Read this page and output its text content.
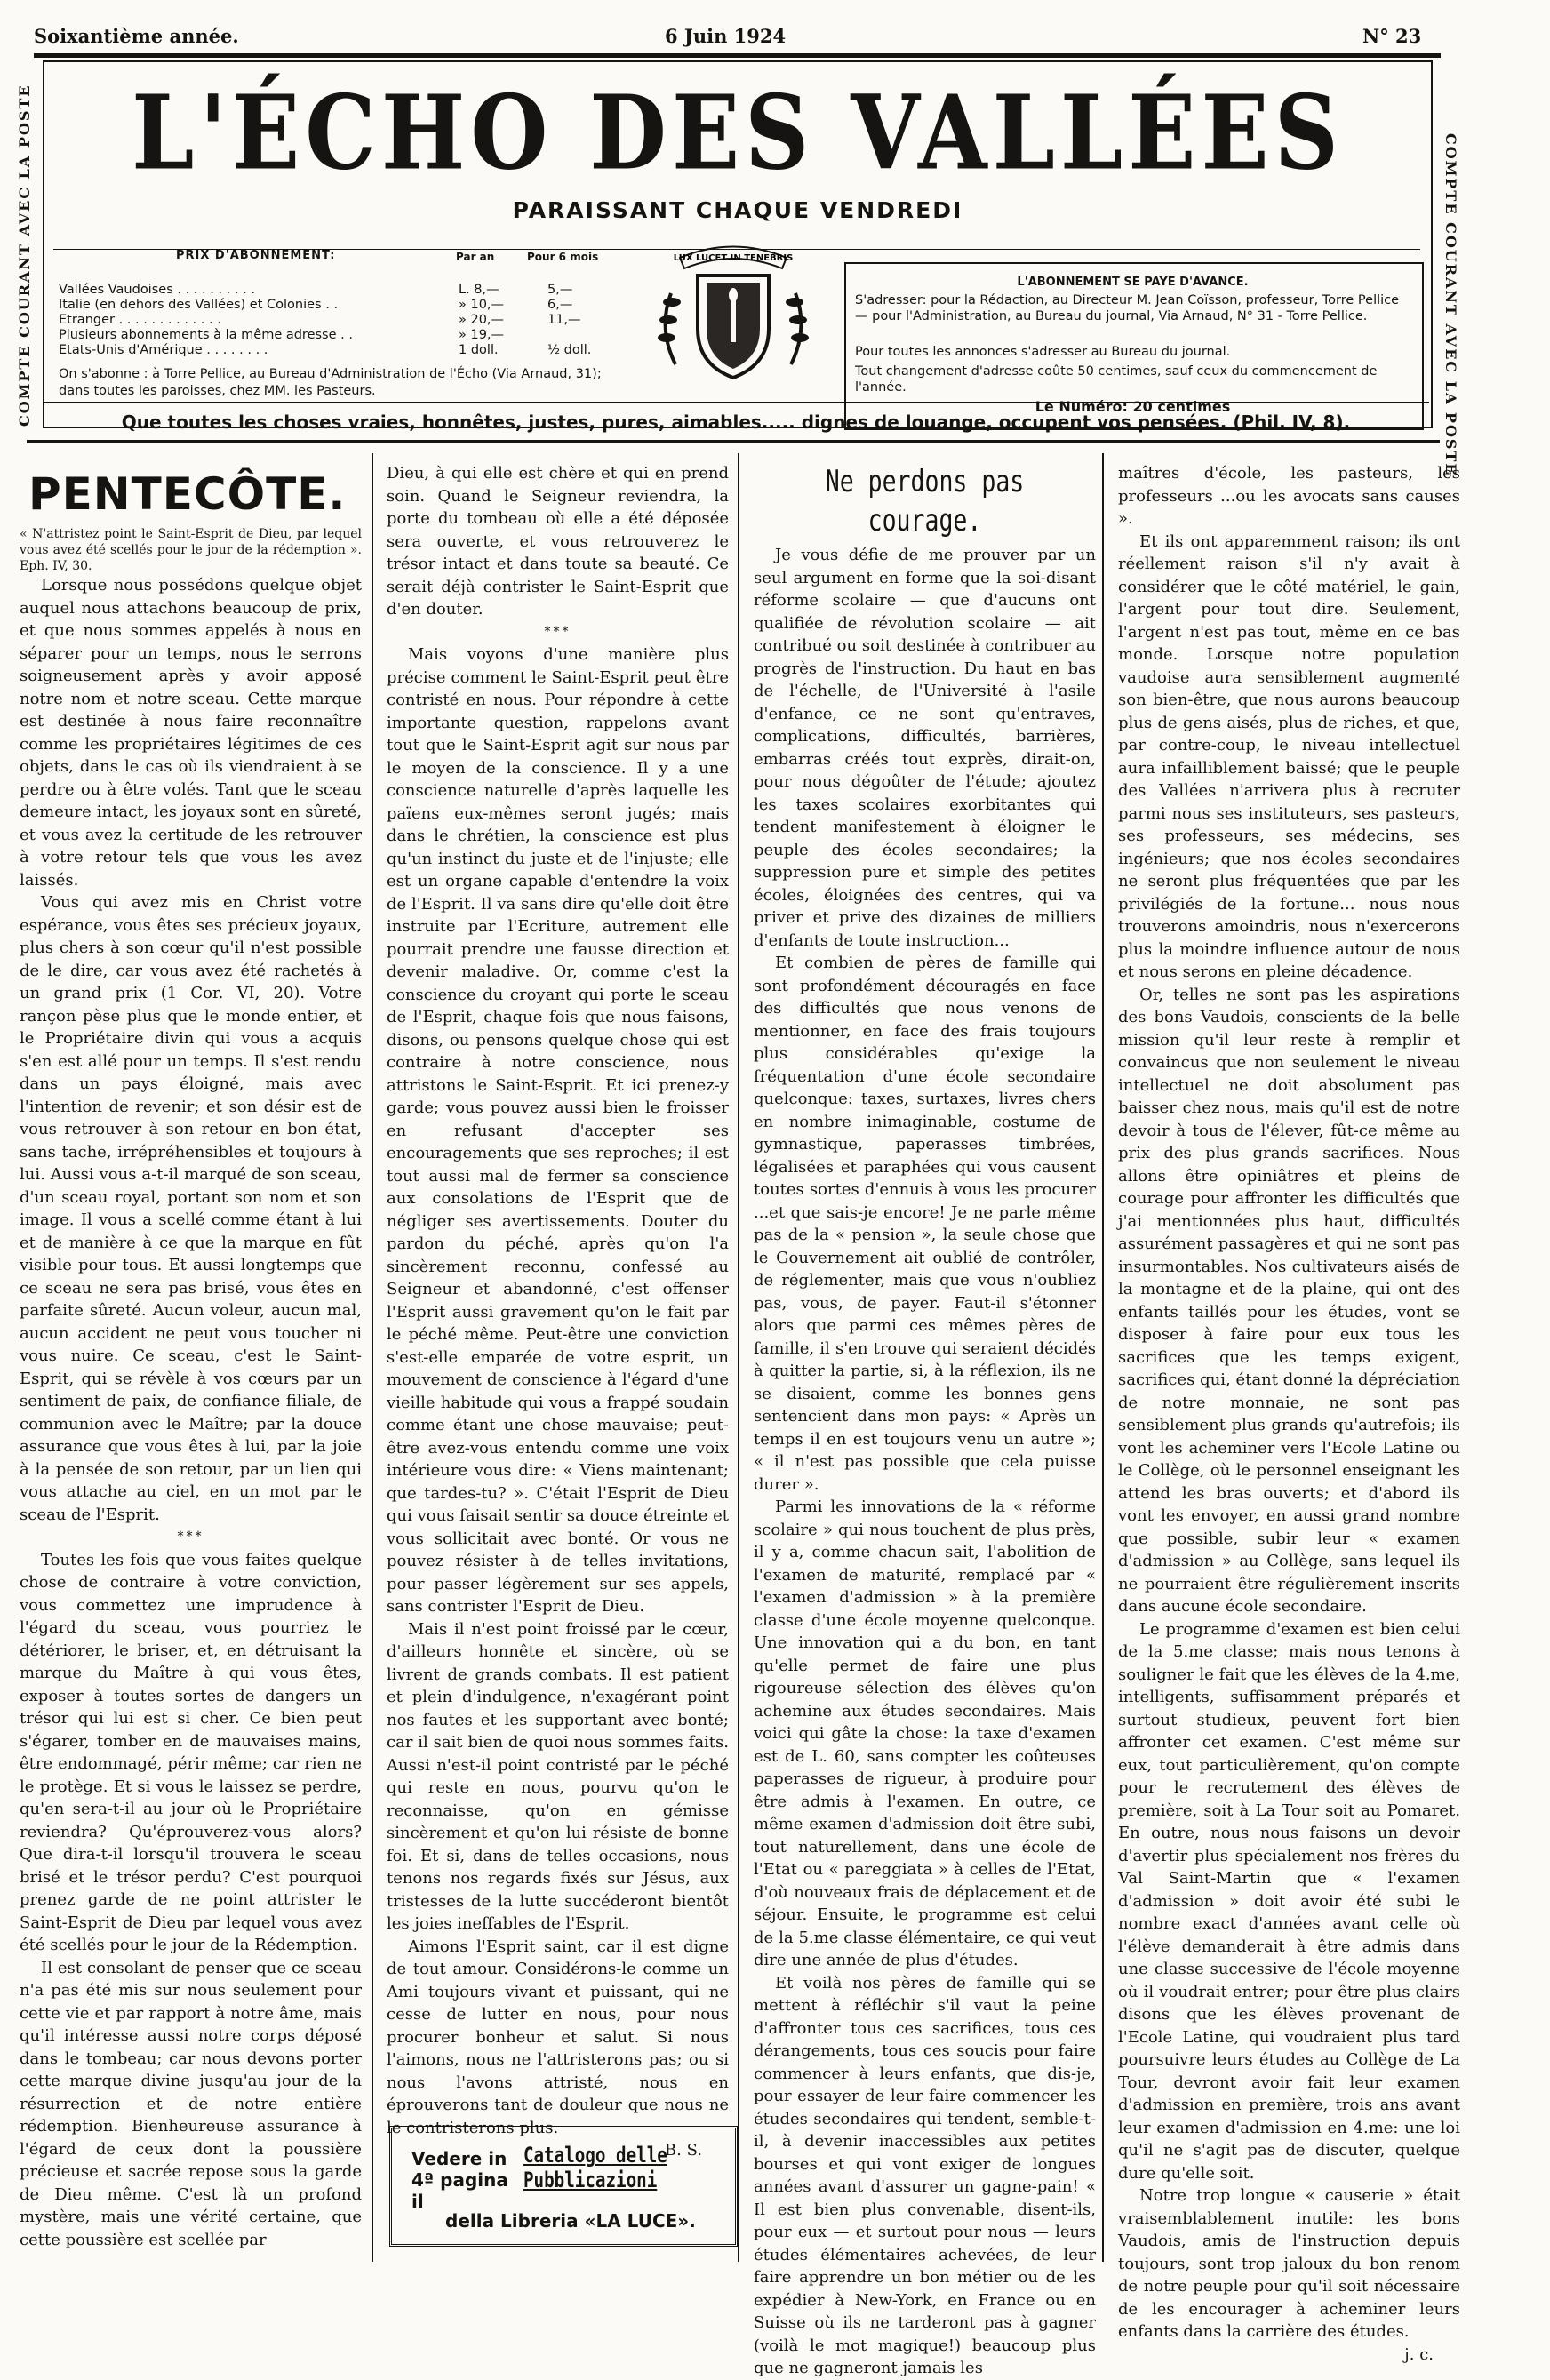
Soixantième année.	6 Juin 1924	N° 23
COMPTE COURANT AVEC LA POSTE	COMPTE COURANT AVEC LA POSTE
L'ÉCHO DES VALLÉES
PARAISSANT CHAQUE VENDREDI
PRIX D'ABONNEMENT:	Par an	Pour 6 mois
Vallées Vaudoises . . . . . . . . . .	L. 8,—	5,—
Italie (en dehors des Vallées) et Colonies . .	» 10,—	6,—
Etranger . . . . . . . . . . . . .	» 20,—	11,—
Plusieurs abonnements à la même adresse . .	» 19,—
Etats-Unis d'Amérique . . . . . . . .	1 doll.	½ doll.
On s'abonne : à Torre Pellice, au Bureau d'Administration de l'Écho (Via Arnaud, 31); dans toutes les paroisses, chez MM. les Pasteurs.
LUX LUCET IN TENEBRIS
L'ABONNEMENT SE PAYE D'AVANCE.
S'adresser: pour la Rédaction, au Directeur M. Jean Coïsson, professeur, Torre Pellice — pour l'Administration, au Bureau du journal, Via Arnaud, N° 31 - Torre Pellice.
Pour toutes les annonces s'adresser au Bureau du journal.
Tout changement d'adresse coûte 50 centimes, sauf ceux du commencement de l'année.
Le Numéro: 20 centimes
Que toutes les choses vraies, honnêtes, justes, pures, aimables..... dignes de louange, occupent vos pensées. (Phil. IV, 8).
PENTECÔTE.

« N'attristez point le Saint-Esprit de Dieu, par lequel vous avez été scellés pour le jour de la rédemption ». Eph. IV, 30.

Lorsque nous possédons quelque objet auquel nous attachons beaucoup de prix, et que nous sommes appelés à nous en séparer pour un temps, nous le serrons soigneusement après y avoir apposé notre nom et notre sceau. Cette marque est destinée à nous faire reconnaître comme les propriétaires légitimes de ces objets, dans le cas où ils viendraient à se perdre ou à être volés. Tant que le sceau demeure intact, les joyaux sont en sûreté, et vous avez la certitude de les retrouver à votre retour tels que vous les avez laissés.

Vous qui avez mis en Christ votre espérance, vous êtes ses précieux joyaux, plus chers à son cœur qu'il n'est possible de le dire, car vous avez été rachetés à un grand prix (1 Cor. VI, 20). Votre rançon pèse plus que le monde entier, et le Propriétaire divin qui vous a acquis s'en est allé pour un temps. Il s'est rendu dans un pays éloigné, mais avec l'intention de revenir; et son désir est de vous retrouver à son retour en bon état, sans tache, irrépréhensibles et toujours à lui. Aussi vous a-t-il marqué de son sceau, d'un sceau royal, portant son nom et son image. Il vous a scellé comme étant à lui et de manière à ce que la marque en fût visible pour tous. Et aussi longtemps que ce sceau ne sera pas brisé, vous êtes en parfaite sûreté. Aucun voleur, aucun mal, aucun accident ne peut vous toucher ni vous nuire. Ce sceau, c'est le Saint-Esprit, qui se révèle à vos cœurs par un sentiment de paix, de confiance filiale, de communion avec le Maître; par la douce assurance que vous êtes à lui, par la joie à la pensée de son retour, par un lien qui vous attache au ciel, en un mot par le sceau de l'Esprit.

***

Toutes les fois que vous faites quelque chose de contraire à votre conviction, vous commettez une imprudence à l'égard du sceau, vous pourriez le détériorer, le briser, et, en détruisant la marque du Maître à qui vous êtes, exposer à toutes sortes de dangers un trésor qui lui est si cher. Ce bien peut s'égarer, tomber en de mauvaises mains, être endommagé, périr même; car rien ne le protège. Et si vous le laissez se perdre, qu'en sera-t-il au jour où le Propriétaire reviendra? Qu'éprouverez-vous alors? Que dira-t-il lorsqu'il trouvera le sceau brisé et le trésor perdu? C'est pourquoi prenez garde de ne point attrister le Saint-Esprit de Dieu par lequel vous avez été scellés pour le jour de la Rédemption.

Il est consolant de penser que ce sceau n'a pas été mis sur nous seulement pour cette vie et par rapport à notre âme, mais qu'il intéresse aussi notre corps déposé dans le tombeau; car nous devons porter cette marque divine jusqu'au jour de la résurrection et de notre entière rédemption. Bienheureuse assurance à l'égard de ceux dont la poussière précieuse et sacrée repose sous la garde de Dieu même. C'est là un profond mystère, mais une vérité certaine, que cette poussière est scellée par

Dieu, à qui elle est chère et qui en prend soin. Quand le Seigneur reviendra, la porte du tombeau où elle a été déposée sera ouverte, et vous retrouverez le trésor intact et dans toute sa beauté. Ce serait déjà contrister le Saint-Esprit que d'en douter.

***

Mais voyons d'une manière plus précise comment le Saint-Esprit peut être contristé en nous. Pour répondre à cette importante question, rappelons avant tout que le Saint-Esprit agit sur nous par le moyen de la conscience. Il y a une conscience naturelle d'après laquelle les païens eux-mêmes seront jugés; mais dans le chrétien, la conscience est plus qu'un instinct du juste et de l'injuste; elle est un organe capable d'entendre la voix de l'Esprit. Il va sans dire qu'elle doit être instruite par l'Ecriture, autrement elle pourrait prendre une fausse direction et devenir maladive. Or, comme c'est la conscience du croyant qui porte le sceau de l'Esprit, chaque fois que nous faisons, disons, ou pensons quelque chose qui est contraire à notre conscience, nous attristons le Saint-Esprit. Et ici prenez-y garde; vous pouvez aussi bien le froisser en refusant d'accepter ses encouragements que ses reproches; il est tout aussi mal de fermer sa conscience aux consolations de l'Esprit que de négliger ses avertissements. Douter du pardon du péché, après qu'on l'a sincèrement reconnu, confessé au Seigneur et abandonné, c'est offenser l'Esprit aussi gravement qu'on le fait par le péché même. Peut-être une conviction s'est-elle emparée de votre esprit, un mouvement de conscience à l'égard d'une vieille habitude qui vous a frappé soudain comme étant une chose mauvaise; peut-être avez-vous entendu comme une voix intérieure vous dire: « Viens maintenant; que tardes-tu? ». C'était l'Esprit de Dieu qui vous faisait sentir sa douce étreinte et vous sollicitait avec bonté. Or vous ne pouvez résister à de telles invitations, pour passer légèrement sur ses appels, sans contrister l'Esprit de Dieu.

Mais il n'est point froissé par le cœur, d'ailleurs honnête et sincère, où se livrent de grands combats. Il est patient et plein d'indulgence, n'exagérant point nos fautes et les supportant avec bonté; car il sait bien de quoi nous sommes faits. Aussi n'est-il point contristé par le péché qui reste en nous, pourvu qu'on le reconnaisse, qu'on en gémisse sincèrement et qu'on lui résiste de bonne foi. Et si, dans de telles occasions, nous tenons nos regards fixés sur Jésus, aux tristesses de la lutte succéderont bientôt les joies ineffables de l'Esprit.

Aimons l'Esprit saint, car il est digne de tout amour. Considérons-le comme un Ami toujours vivant et puissant, qui ne cesse de lutter en nous, pour nous procurer bonheur et salut. Si nous l'aimons, nous ne l'attristerons pas; ou si nous l'avons attristé, nous en éprouverons tant de douleur que nous ne le contristerons plus.

B. S.

Vedere in 4ª pagina il
Catalogo delle Pubblicazioni
della Libreria «LA LUCE».
Ne perdons pas courage.

Je vous défie de me prouver par un seul argument en forme que la soi-disant réforme scolaire — que d'aucuns ont qualifiée de révolution scolaire — ait contribué ou soit destinée à contribuer au progrès de l'instruction. Du haut en bas de l'échelle, de l'Université à l'asile d'enfance, ce ne sont qu'entraves, complications, difficultés, barrières, embarras créés tout exprès, dirait-on, pour nous dégoûter de l'étude; ajoutez les taxes scolaires exorbitantes qui tendent manifestement à éloigner le peuple des écoles secondaires; la suppression pure et simple des petites écoles, éloignées des centres, qui va priver et prive des dizaines de milliers d'enfants de toute instruction...

Et combien de pères de famille qui sont profondément découragés en face des difficultés que nous venons de mentionner, en face des frais toujours plus considérables qu'exige la fréquentation d'une école secondaire quelconque: taxes, surtaxes, livres chers en nombre inimaginable, costume de gymnastique, paperasses timbrées, légalisées et paraphées qui vous causent toutes sortes d'ennuis à vous les procurer ...et que sais-je encore! Je ne parle même pas de la « pension », la seule chose que le Gouvernement ait oublié de contrôler, de réglementer, mais que vous n'oubliez pas, vous, de payer. Faut-il s'étonner alors que parmi ces mêmes pères de famille, il s'en trouve qui seraient décidés à quitter la partie, si, à la réflexion, ils ne se disaient, comme les bonnes gens sentencient dans mon pays: « Après un temps il en est toujours venu un autre »; « il n'est pas possible que cela puisse durer ».

Parmi les innovations de la « réforme scolaire » qui nous touchent de plus près, il y a, comme chacun sait, l'abolition de l'examen de maturité, remplacé par « l'examen d'admission » à la première classe d'une école moyenne quelconque. Une innovation qui a du bon, en tant qu'elle permet de faire une plus rigoureuse sélection des élèves qu'on achemine aux études secondaires. Mais voici qui gâte la chose: la taxe d'examen est de L. 60, sans compter les coûteuses paperasses de rigueur, à produire pour être admis à l'examen. En outre, ce même examen d'admission doit être subi, tout naturellement, dans une école de l'Etat ou « pareggiata » à celles de l'Etat, d'où nouveaux frais de déplacement et de séjour. Ensuite, le programme est celui de la 5.me classe élémentaire, ce qui veut dire une année de plus d'études.

Et voilà nos pères de famille qui se mettent à réfléchir s'il vaut la peine d'affronter tous ces sacrifices, tous ces dérangements, tous ces soucis pour faire commencer à leurs enfants, que dis-je, pour essayer de leur faire commencer les études secondaires qui tendent, semble-t-il, à devenir inaccessibles aux petites bourses et qui vont exiger de longues années avant d'assurer un gagne-pain! « Il est bien plus convenable, disent-ils, pour eux — et surtout pour nous — leurs études élémentaires achevées, de leur faire apprendre un bon métier ou de les expédier à New-York, en France ou en Suisse où ils ne tarderont pas à gagner (voilà le mot magique!) beaucoup plus que ne gagneront jamais les

maîtres d'école, les pasteurs, les professeurs ...ou les avocats sans causes ».

Et ils ont apparemment raison; ils ont réellement raison s'il n'y avait à considérer que le côté matériel, le gain, l'argent pour tout dire. Seulement, l'argent n'est pas tout, même en ce bas monde. Lorsque notre population vaudoise aura sensiblement augmenté son bien-être, que nous aurons beaucoup plus de gens aisés, plus de riches, et que, par contre-coup, le niveau intellectuel aura infailliblement baissé; que le peuple des Vallées n'arrivera plus à recruter parmi nous ses instituteurs, ses pasteurs, ses professeurs, ses médecins, ses ingénieurs; que nos écoles secondaires ne seront plus fréquentées que par les privilégiés de la fortune... nous nous trouverons amoindris, nous n'exercerons plus la moindre influence autour de nous et nous serons en pleine décadence.

Or, telles ne sont pas les aspirations des bons Vaudois, conscients de la belle mission qu'il leur reste à remplir et convaincus que non seulement le niveau intellectuel ne doit absolument pas baisser chez nous, mais qu'il est de notre devoir à tous de l'élever, fût-ce même au prix des plus grands sacrifices. Nous allons être opiniâtres et pleins de courage pour affronter les difficultés que j'ai mentionnées plus haut, difficultés assurément passagères et qui ne sont pas insurmontables. Nos cultivateurs aisés de la montagne et de la plaine, qui ont des enfants taillés pour les études, vont se disposer à faire pour eux tous les sacrifices que les temps exigent, sacrifices qui, étant donné la dépréciation de notre monnaie, ne sont pas sensiblement plus grands qu'autrefois; ils vont les acheminer vers l'Ecole Latine ou le Collège, où le personnel enseignant les attend les bras ouverts; et d'abord ils vont les envoyer, en aussi grand nombre que possible, subir leur « examen d'admission » au Collège, sans lequel ils ne pourraient être régulièrement inscrits dans aucune école secondaire.

Le programme d'examen est bien celui de la 5.me classe; mais nous tenons à souligner le fait que les élèves de la 4.me, intelligents, suffisamment préparés et surtout studieux, peuvent fort bien affronter cet examen. C'est même sur eux, tout particulièrement, qu'on compte pour le recrutement des élèves de première, soit à La Tour soit au Pomaret. En outre, nous nous faisons un devoir d'avertir plus spécialement nos frères du Val Saint-Martin que « l'examen d'admission » doit avoir été subi le nombre exact d'années avant celle où l'élève demanderait à être admis dans une classe successive de l'école moyenne où il voudrait entrer; pour être plus clairs disons que les élèves provenant de l'Ecole Latine, qui voudraient plus tard poursuivre leurs études au Collège de La Tour, devront avoir fait leur examen d'admission en première, trois ans avant leur examen d'admission en 4.me: une loi qu'il ne s'agit pas de discuter, quelque dure qu'elle soit.

Notre trop longue « causerie » était vraisemblablement inutile: les bons Vaudois, amis de l'instruction depuis toujours, sont trop jaloux du bon renom de notre peuple pour qu'il soit nécessaire de les encourager à acheminer leurs enfants dans la carrière des études.

j. c.
